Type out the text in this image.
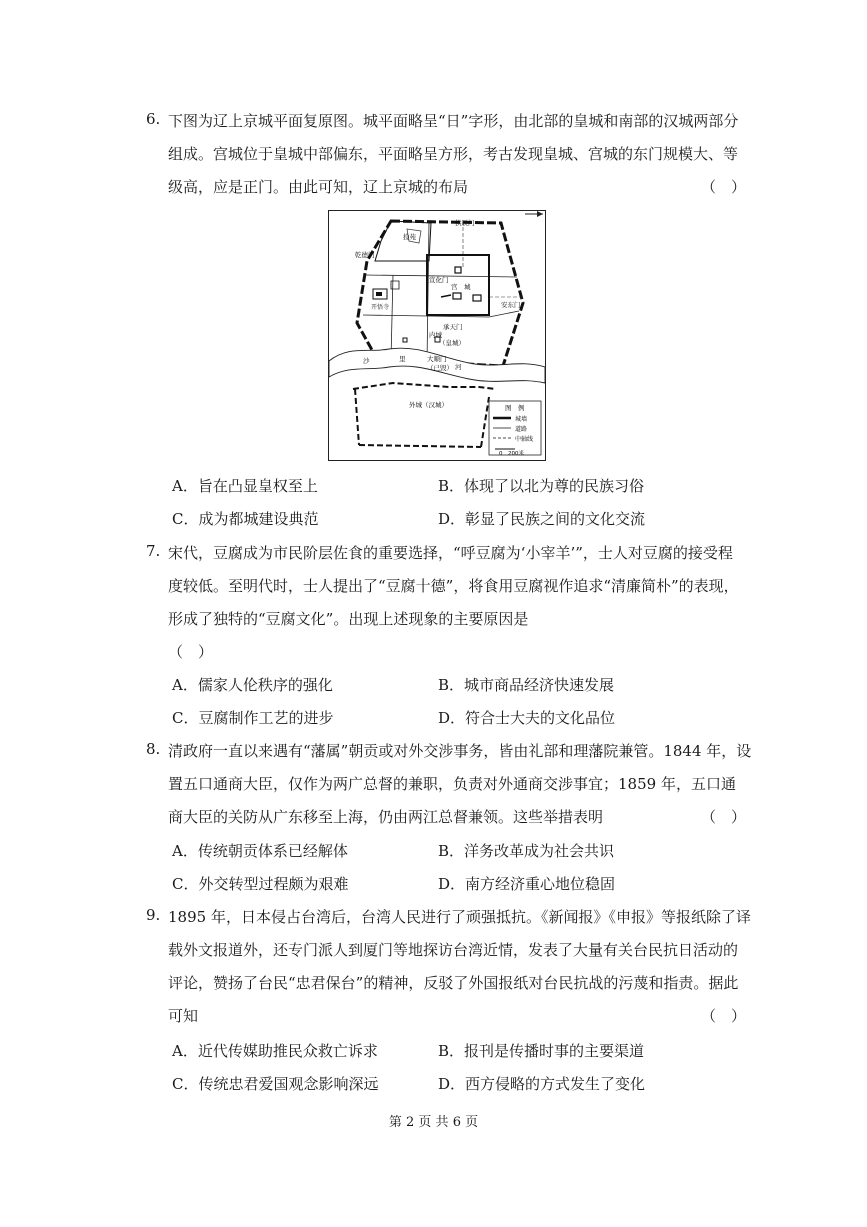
6. 下图为辽上京城平面复原图。城平面略呈“日”字形，由北部的皇城和南部的汉城两部分
组成。宫城位于皇城中部偏东，平面略呈方形，考古发现皇城、宫城的东门规模大、等
级高，应是正门。由此可知，辽上京城的布局	（　）
捡苑
拱辰门
乾德门
宣化门
宫　城
开悟寺	安东门
承天门
内城
（皇城）
大顺门
（已毁）
沙	里
河
外城（汉城）	图　例
城墙
道路
中轴线
0　200米
A．旨在凸显皇权至上	B．体现了以北为尊的民族习俗
C．成为都城建设典范	D．彰显了民族之间的文化交流
7. 宋代，豆腐成为市民阶层佐食的重要选择，“呼豆腐为‘小宰羊’”，士人对豆腐的接受程
度较低。至明代时，士人提出了“豆腐十德”，将食用豆腐视作追求“清廉简朴”的表现，
形成了独特的“豆腐文化”。出现上述现象的主要原因是
（　）
A．儒家人伦秩序的强化	B．城市商品经济快速发展
C．豆腐制作工艺的进步	D．符合士大夫的文化品位
8. 清政府一直以来遇有“藩属”朝贡或对外交涉事务，皆由礼部和理藩院兼管。1844 年，设
置五口通商大臣，仅作为两广总督的兼职，负责对外通商交涉事宜；1859 年，五口通
商大臣的关防从广东移至上海，仍由两江总督兼领。这些举措表明	（　）
A．传统朝贡体系已经解体	B．洋务改革成为社会共识
C．外交转型过程颇为艰难	D．南方经济重心地位稳固
9. 1895 年，日本侵占台湾后，台湾人民进行了顽强抵抗。《新闻报》《申报》等报纸除了译
载外文报道外，还专门派人到厦门等地探访台湾近情，发表了大量有关台民抗日活动的
评论，赞扬了台民“忠君保台”的精神，反驳了外国报纸对台民抗战的污蔑和指责。据此
可知	（　）
A．近代传媒助推民众救亡诉求	B．报刊是传播时事的主要渠道
C．传统忠君爱国观念影响深远	D．西方侵略的方式发生了变化
第 2 页 共 6 页
